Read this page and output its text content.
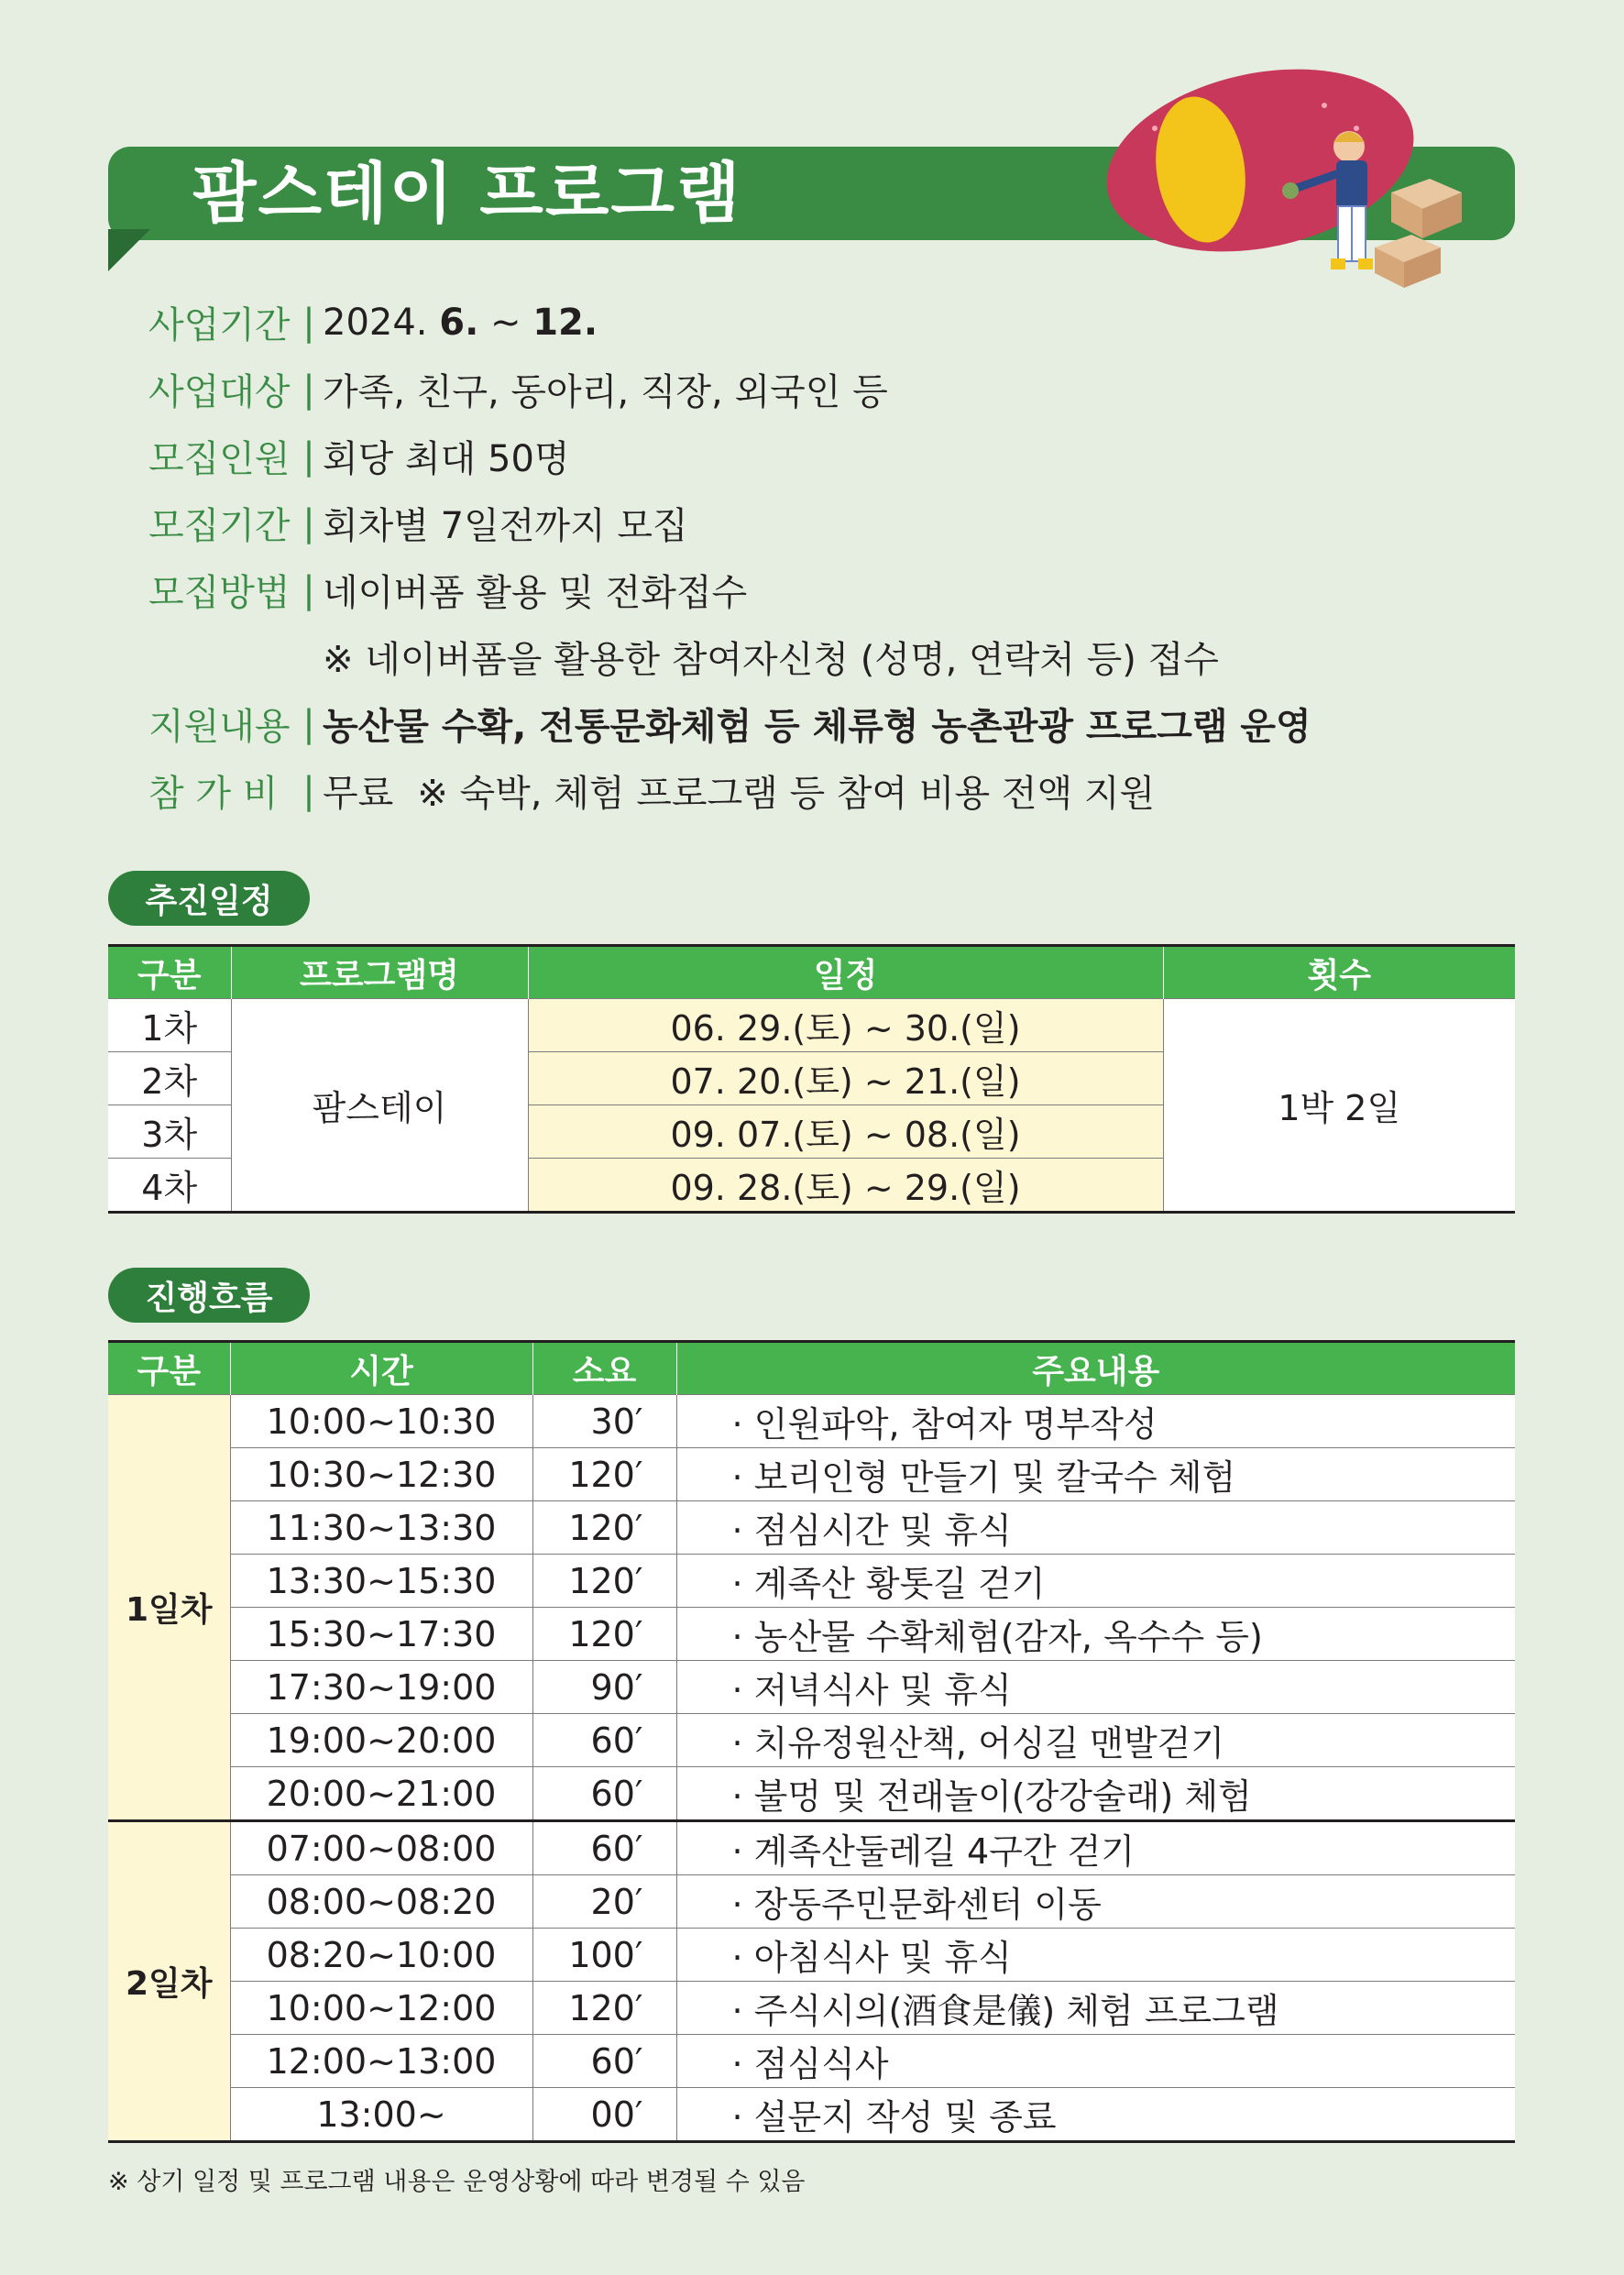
팜스테이 프로그램
사업기간 | 2024. 6. ~ 12.
사업대상 | 가족, 친구, 동아리, 직장, 외국인 등
모집인원 | 회당 최대 50명
모집기간 | 회차별 7일전까지 모집
모집방법 | 네이버폼 활용 및 전화접수
※ 네이버폼을 활용한 참여자신청 (성명, 연락처 등) 접수
지원내용 | 농산물 수확, 전통문화체험 등 체류형 농촌관광 프로그램 운영
참 가 비 | 무료 ※ 숙박, 체험 프로그램 등 참여 비용 전액 지원
추진일정
구분	프로그램명	일정	횟수
1차	팜스테이	06. 29.(토) ~ 30.(일)	1박 2일
2차		07. 20.(토) ~ 21.(일)	
3차		09. 07.(토) ~ 08.(일)	
4차		09. 28.(토) ~ 29.(일)	
진행흐름
구분	시간	소요	주요내용
1일차	10:00~10:30	30′	· 인원파악, 참여자 명부작성
	10:30~12:30	120′	· 보리인형 만들기 및 칼국수 체험
	11:30~13:30	120′	· 점심시간 및 휴식
	13:30~15:30	120′	· 계족산 황톳길 걷기
	15:30~17:30	120′	· 농산물 수확체험(감자, 옥수수 등)
	17:30~19:00	90′	· 저녁식사 및 휴식
	19:00~20:00	60′	· 치유정원산책, 어싱길 맨발걷기
	20:00~21:00	60′	· 불멍 및 전래놀이(강강술래) 체험
2일차	07:00~08:00	60′	· 계족산둘레길 4구간 걷기
	08:00~08:20	20′	· 장동주민문화센터 이동
	08:20~10:00	100′	· 아침식사 및 휴식
	10:00~12:00	120′	· 주식시의(酒食是儀) 체험 프로그램
	12:00~13:00	60′	· 점심식사
	13:00~	00′	· 설문지 작성 및 종료
※ 상기 일정 및 프로그램 내용은 운영상황에 따라 변경될 수 있음
